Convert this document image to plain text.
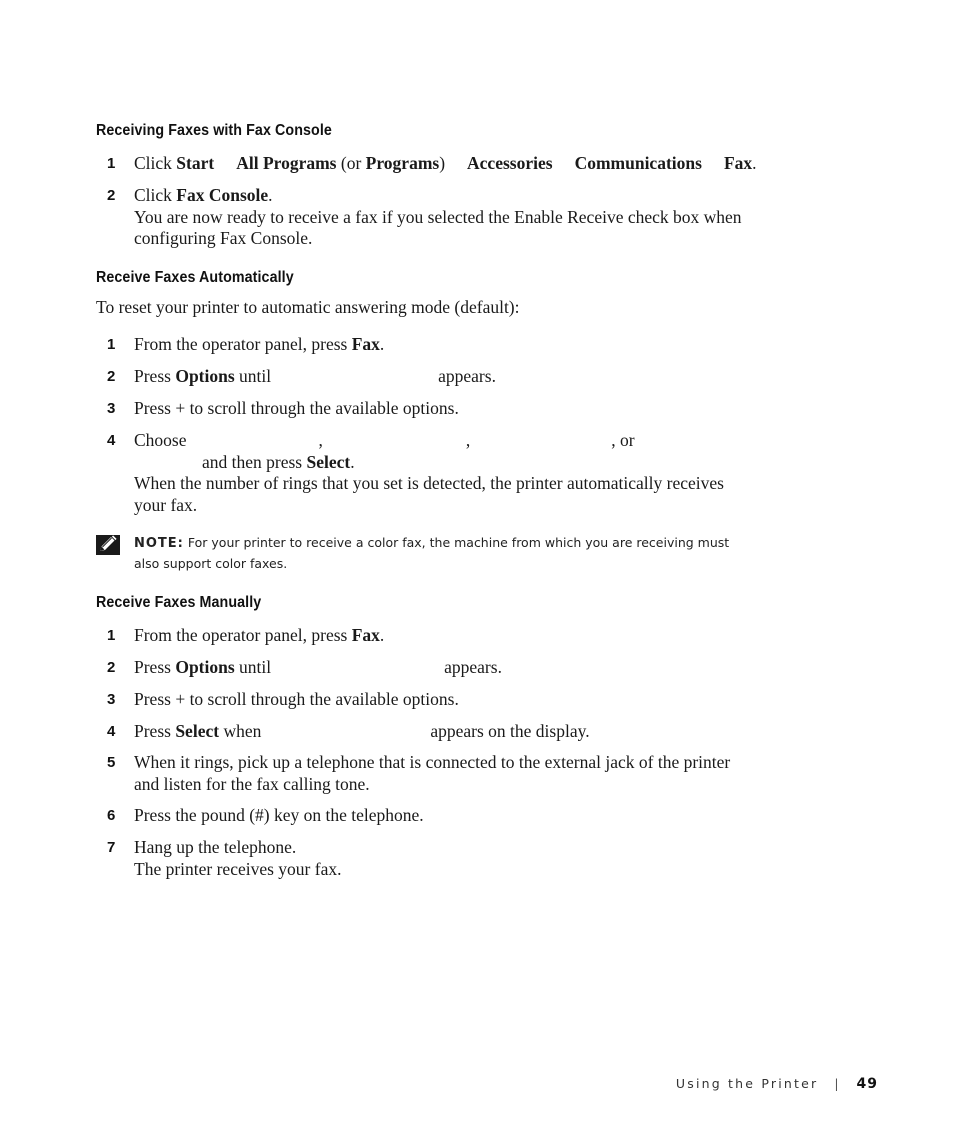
Receiving Faxes with Fax Console
1	Click Start All Programs (or Programs) Accessories Communications Fax.
2	Click Fax Console.
You are now ready to receive a fax if you selected the Enable Receive check box when
configuring Fax Console.
Receive Faxes Automatically

To reset your printer to automatic answering mode (default):

1	From the operator panel, press Fax.
2	Press Options until	appears.
3	Press + to scroll through the available options.
4	Choose	,	,	, or
and then press Select.
When the number of rings that you set is detected, the printer automatically receives
your fax.
NOTE: For your printer to receive a color fax, the machine from which you are receiving must
also support color faxes.
Receive Faxes Manually
1	From the operator panel, press Fax.
2	Press Options until	appears.
3	Press + to scroll through the available options.
4	Press Select when	appears on the display.
5	When it rings, pick up a telephone that is connected to the external jack of the printer
and listen for the fax calling tone.
6	Press the pound (#) key on the telephone.
7	Hang up the telephone.
The printer receives your fax.
Using the Printer | 49
